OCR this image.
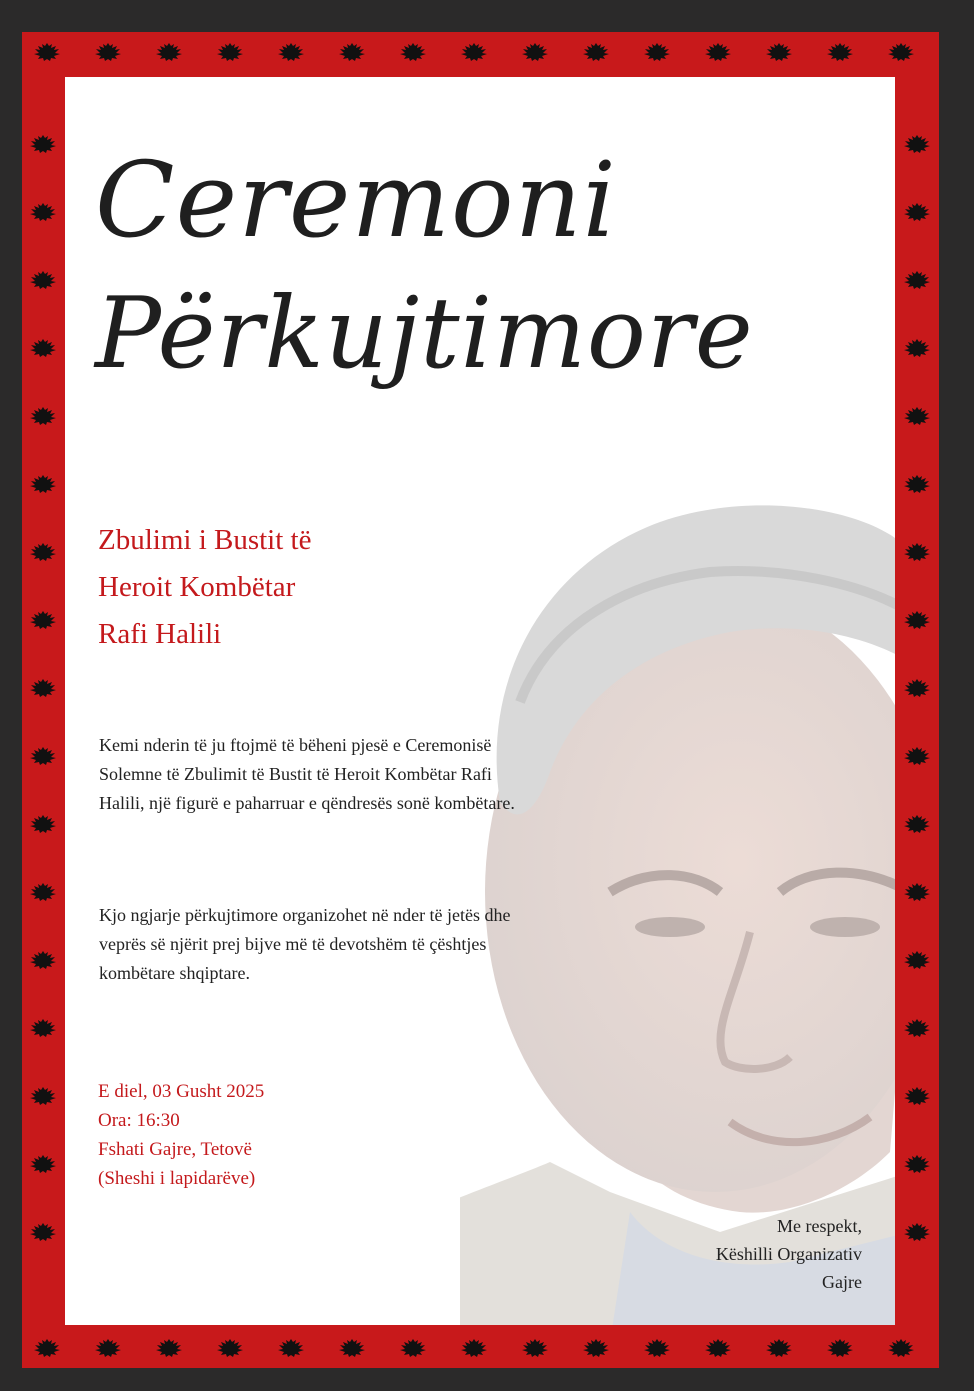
Ceremoni
Përkujtimore
Zbulimi i Bustit të
Heroit Kombëtar
Rafi Halili
Kemi nderin të ju ftojmë të bëheni pjesë e Ceremonisë Solemne të Zbulimit të Bustit të Heroit Kombëtar Rafi Halili, një figurë e paharruar e qëndresës sonë kombëtare.
Kjo ngjarje përkujtimore organizohet në nder të jetës dhe veprës së njërit prej bijve më të devotshëm të çështjes kombëtare shqiptare.
E diel, 03 Gusht 2025
Ora: 16:30
Fshati Gajre, Tetovë
(Sheshi i lapidarëve)
Me respekt,
Këshilli Organizativ
Gajre
